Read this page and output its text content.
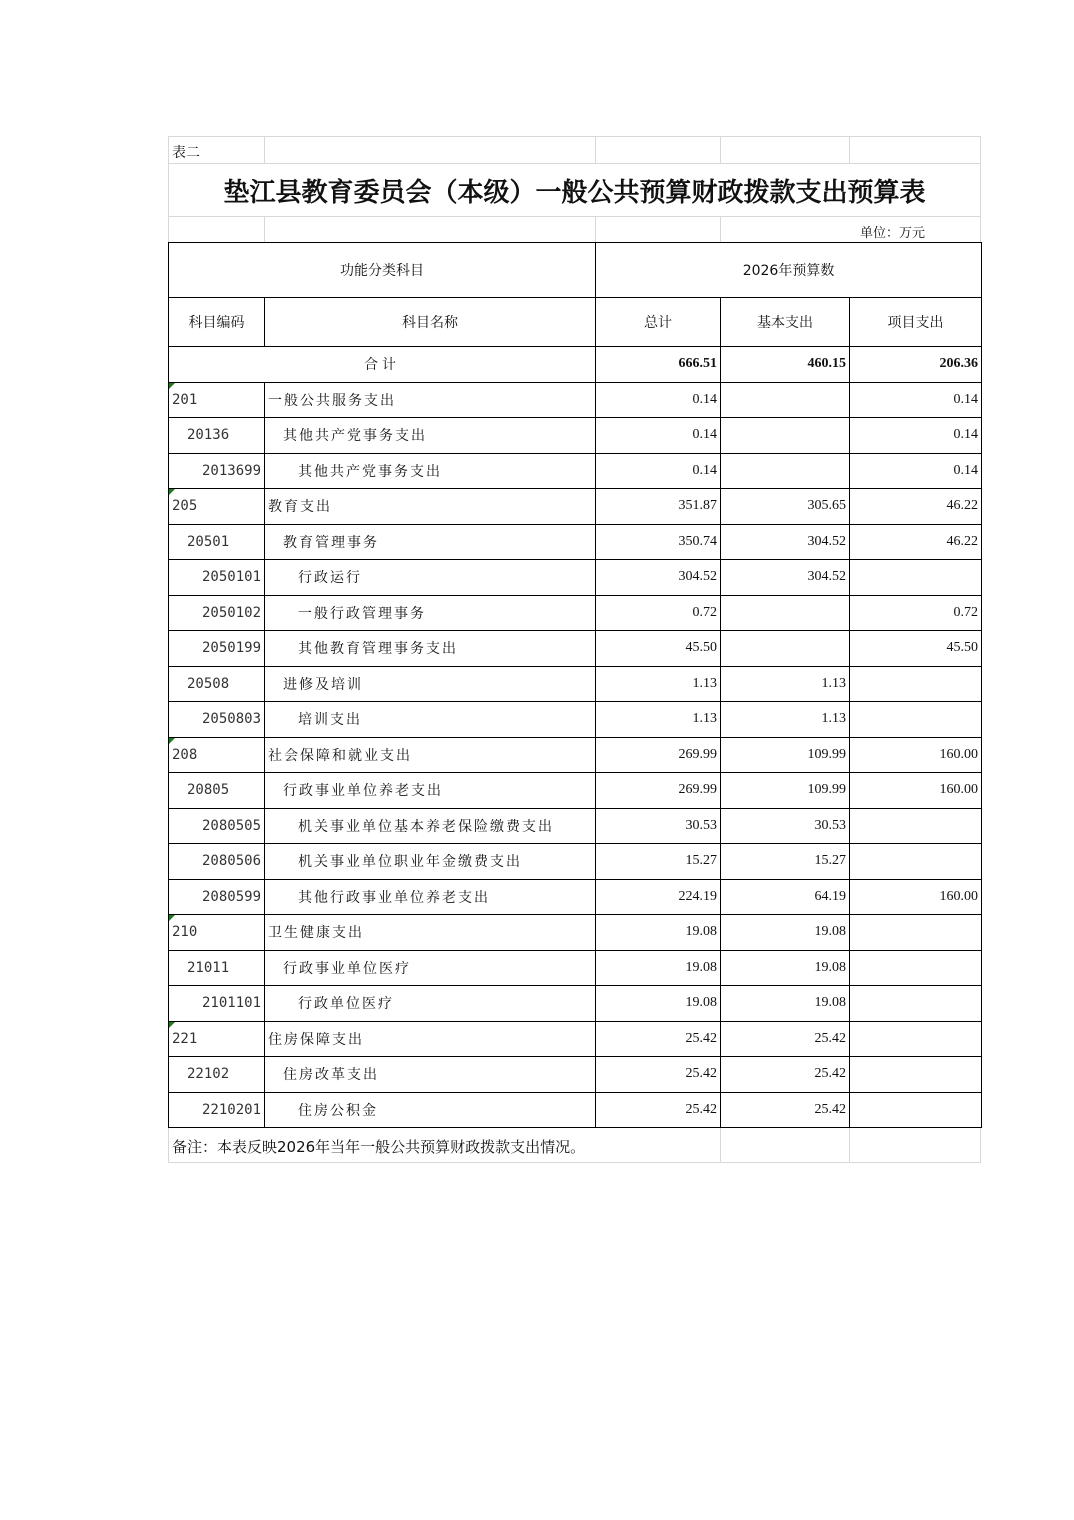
表二
垫江县教育委员会（本级）一般公共预算财政拨款支出预算表
单位：万元
功能分类科目		2026年预算数		
科目编码	科目名称	总计	基本支出	项目支出
合计		666.51	460.15	206.36

201	一般公共服务支出	0.14		0.14
20136	其他共产党事务支出	0.14		0.14
2013699	其他共产党事务支出	0.14		0.14

205	教育支出	351.87	305.65	46.22
20501	教育管理事务	350.74	304.52	46.22
2050101	行政运行	304.52	304.52	
2050102	一般行政管理事务	0.72		0.72
2050199	其他教育管理事务支出	45.50		45.50
20508	进修及培训	1.13	1.13	
2050803	培训支出	1.13	1.13	

208	社会保障和就业支出	269.99	109.99	160.00
20805	行政事业单位养老支出	269.99	109.99	160.00
2080505	机关事业单位基本养老保险缴费支出	30.53	30.53	
2080506	机关事业单位职业年金缴费支出	15.27	15.27	
2080599	其他行政事业单位养老支出	224.19	64.19	160.00

210	卫生健康支出	19.08	19.08	
21011	行政事业单位医疗	19.08	19.08	
2101101	行政单位医疗	19.08	19.08	

221	住房保障支出	25.42	25.42	
22102	住房改革支出	25.42	25.42	
2210201	住房公积金	25.42	25.42	
备注：本表反映2026年当年一般公共预算财政拨款支出情况。
